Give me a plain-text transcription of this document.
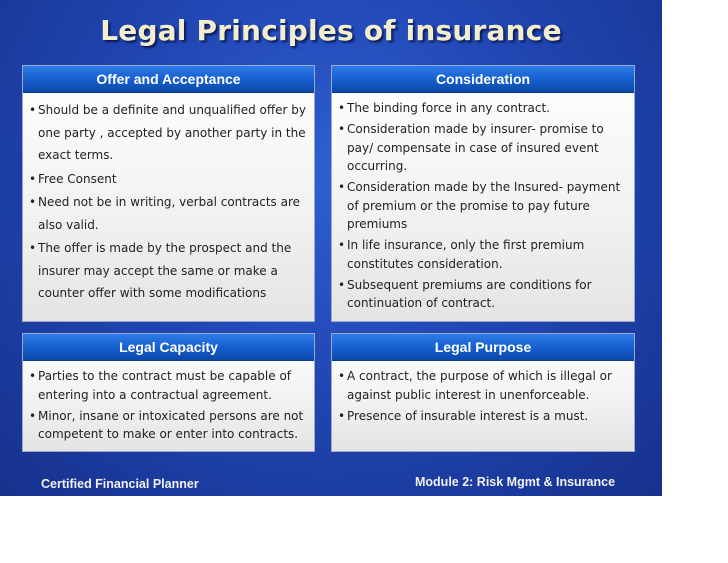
Legal Principles of insurance
Offer and Acceptance
• Should be a definite and unqualified offer by one party , accepted by another party in the exact terms.
• Free Consent
• Need not be in writing, verbal contracts are also valid.
• The offer is made by the prospect and the insurer may accept the same or make a counter offer with some modifications
Consideration
• The binding force in any contract.
• Consideration made by insurer- promise to pay/ compensate in case of insured event occurring.
• Consideration made by the Insured- payment of premium or the promise to pay future premiums
• In life insurance, only the first premium constitutes consideration.
• Subsequent premiums are conditions for continuation of contract.
Legal Capacity
• Parties to the contract must be capable of entering into a contractual agreement.
• Minor, insane or intoxicated persons are not competent to make or enter into contracts.
Legal Purpose
• A contract, the purpose of which is illegal or against public interest in unenforceable.
• Presence of insurable interest is a must.
Certified Financial Planner	Module 2: Risk Mgmt & Insurance
